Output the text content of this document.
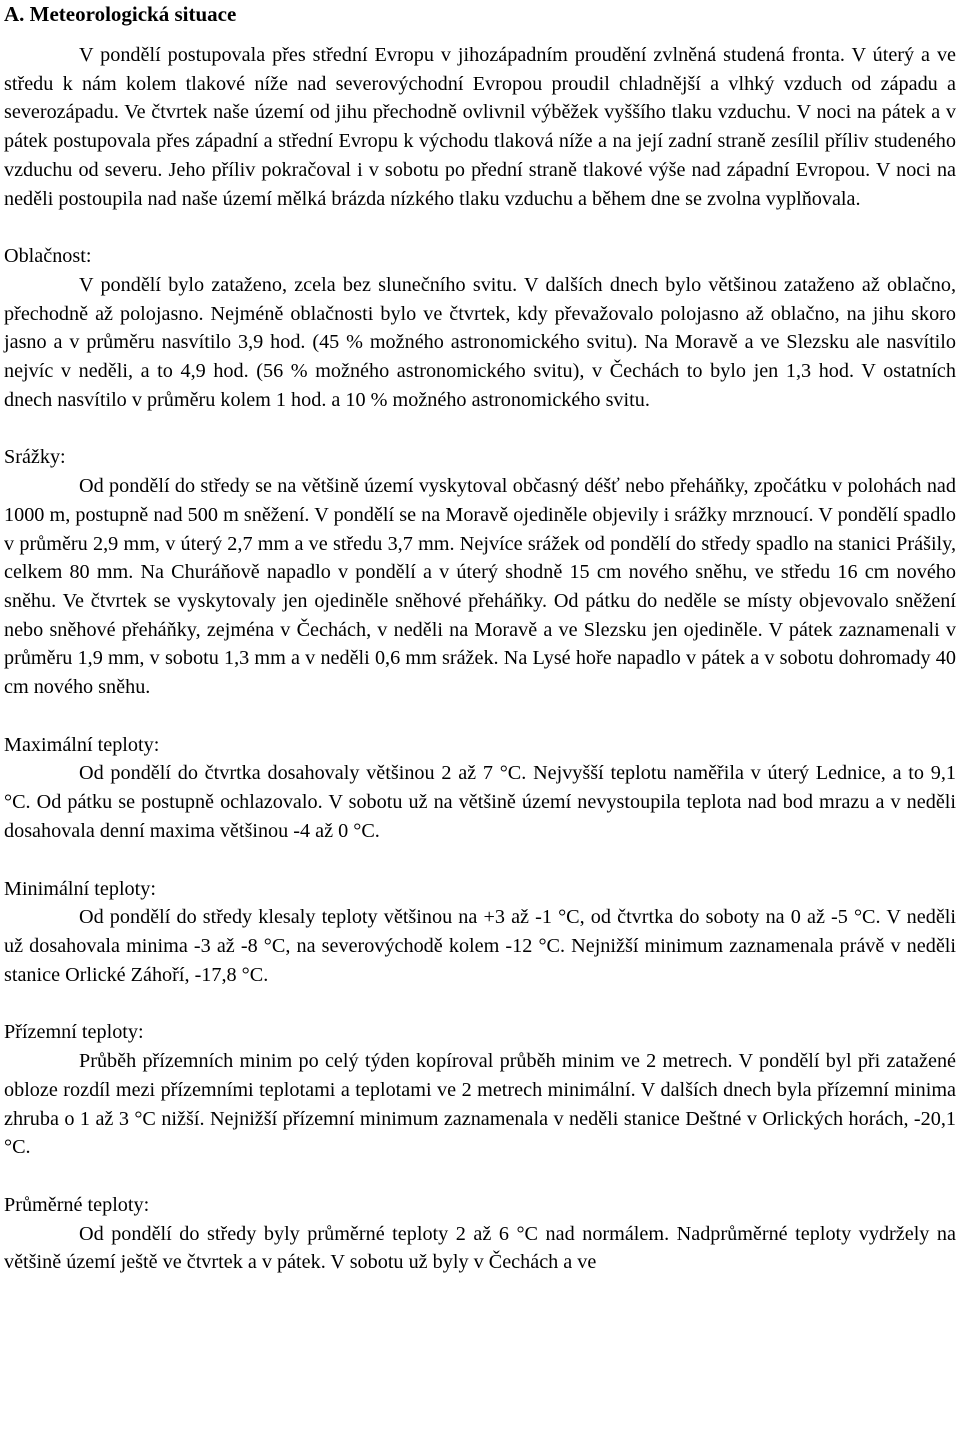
A. Meteorologická situace

V pondělí postupovala přes střední Evropu v jihozápadním proudění zvlněná studená fronta. V úterý a ve středu k nám kolem tlakové níže nad severovýchodní Evropou proudil chladnější a vlhký vzduch od západu a severozápadu. Ve čtvrtek naše území od jihu přechodně ovlivnil výběžek vyššího tlaku vzduchu. V noci na pátek a v pátek postupovala přes západní a střední Evropu k východu tlaková níže a na její zadní straně zesílil příliv studeného vzduchu od severu. Jeho příliv pokračoval i v sobotu po přední straně tlakové výše nad západní Evropou. V noci na neděli postoupila nad naše území mělká brázda nízkého tlaku vzduchu a během dne se zvolna vyplňovala.

Oblačnost:

V pondělí bylo zataženo, zcela bez slunečního svitu. V dalších dnech bylo většinou zataženo až oblačno, přechodně až polojasno. Nejméně oblačnosti bylo ve čtvrtek, kdy převažovalo polojasno až oblačno, na jihu skoro jasno a v průměru nasvítilo 3,9 hod. (45 % možného astronomického svitu). Na Moravě a ve Slezsku ale nasvítilo nejvíc v neděli, a to 4,9 hod. (56 % možného astronomického svitu), v Čechách to bylo jen 1,3 hod. V ostatních dnech nasvítilo v průměru kolem 1 hod. a 10 % možného astronomického svitu.

Srážky:

Od pondělí do středy se na většině území vyskytoval občasný déšť nebo přeháňky, zpočátku v polohách nad 1000 m, postupně nad 500 m sněžení. V pondělí se na Moravě ojediněle objevily i srážky mrznoucí. V pondělí spadlo v průměru 2,9 mm, v úterý 2,7 mm a ve středu 3,7 mm. Nejvíce srážek od pondělí do středy spadlo na stanici Prášily, celkem 80 mm. Na Churáňově napadlo v pondělí a v úterý shodně 15 cm nového sněhu, ve středu 16 cm nového sněhu. Ve čtvrtek se vyskytovaly jen ojediněle sněhové přeháňky. Od pátku do neděle se místy objevovalo sněžení nebo sněhové přeháňky, zejména v Čechách, v neděli na Moravě a ve Slezsku jen ojediněle. V pátek zaznamenali v průměru 1,9 mm, v sobotu 1,3 mm a v neděli 0,6 mm srážek. Na Lysé hoře napadlo v pátek a v sobotu dohromady 40 cm nového sněhu.

Maximální teploty:

Od pondělí do čtvrtka dosahovaly většinou 2 až 7 °C. Nejvyšší teplotu naměřila v úterý Lednice, a to 9,1 °C. Od pátku se postupně ochlazovalo. V sobotu už na většině území nevystoupila teplota nad bod mrazu a v neděli dosahovala denní maxima většinou -4 až 0 °C.

Minimální teploty:

Od pondělí do středy klesaly teploty většinou na +3 až -1 °C, od čtvrtka do soboty na 0 až -5 °C. V neděli už dosahovala minima -3 až -8 °C, na severovýchodě kolem -12 °C. Nejnižší minimum zaznamenala právě v neděli stanice Orlické Záhoří, -17,8 °C.

Přízemní teploty:

Průběh přízemních minim po celý týden kopíroval průběh minim ve 2 metrech. V pondělí byl při zatažené obloze rozdíl mezi přízemními teplotami a teplotami ve 2 metrech minimální. V dalších dnech byla přízemní minima zhruba o 1 až 3 °C nižší. Nejnižší přízemní minimum zaznamenala v neděli stanice Deštné v Orlických horách, -20,1 °C.

Průměrné teploty:

Od pondělí do středy byly průměrné teploty 2 až 6 °C nad normálem. Nadprůměrné teploty vydržely na většině území ještě ve čtvrtek a v pátek. V sobotu už byly v Čechách a ve
